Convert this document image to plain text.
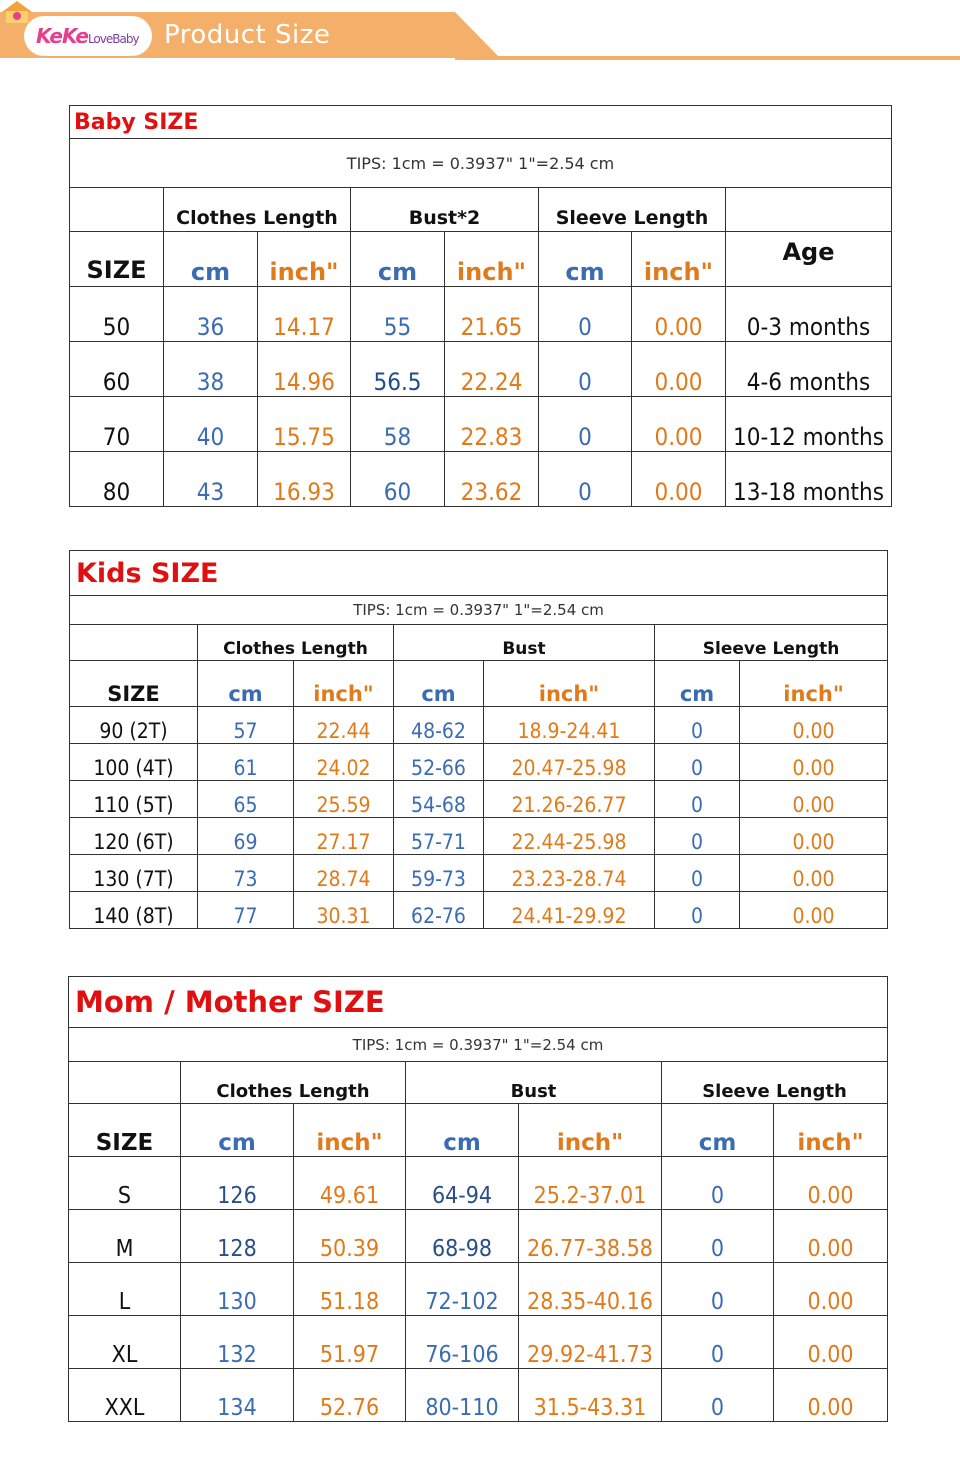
KeKeLoveBaby Product Size
Baby SIZE							
TIPS: 1cm = 0.3937" 1"=2.54 cm							
	Clothes Length		Bust*2		Sleeve Length		
SIZE	cm	inch"	cm	inch"	cm	inch"	Age
50	36	14.17	55	21.65	0	0.00	0-3 months
60	38	14.96	56.5	22.24	0	0.00	4-6 months
70	40	15.75	58	22.83	0	0.00	10-12 months
80	43	16.93	60	23.62	0	0.00	13-18 months
Kids SIZE						
TIPS: 1cm = 0.3937" 1"=2.54 cm						
	Clothes Length		Bust		Sleeve Length	
SIZE	cm	inch"	cm	inch"	cm	inch"
90 (2T)	57	22.44	48-62	18.9-24.41	0	0.00
100 (4T)	61	24.02	52-66	20.47-25.98	0	0.00
110 (5T)	65	25.59	54-68	21.26-26.77	0	0.00
120 (6T)	69	27.17	57-71	22.44-25.98	0	0.00
130 (7T)	73	28.74	59-73	23.23-28.74	0	0.00
140 (8T)	77	30.31	62-76	24.41-29.92	0	0.00
Mom / Mother SIZE						
TIPS: 1cm = 0.3937" 1"=2.54 cm						
	Clothes Length		Bust		Sleeve Length	
SIZE	cm	inch"	cm	inch"	cm	inch"
S	126	49.61	64-94	25.2-37.01	0	0.00
M	128	50.39	68-98	26.77-38.58	0	0.00
L	130	51.18	72-102	28.35-40.16	0	0.00
XL	132	51.97	76-106	29.92-41.73	0	0.00
XXL	134	52.76	80-110	31.5-43.31	0	0.00
